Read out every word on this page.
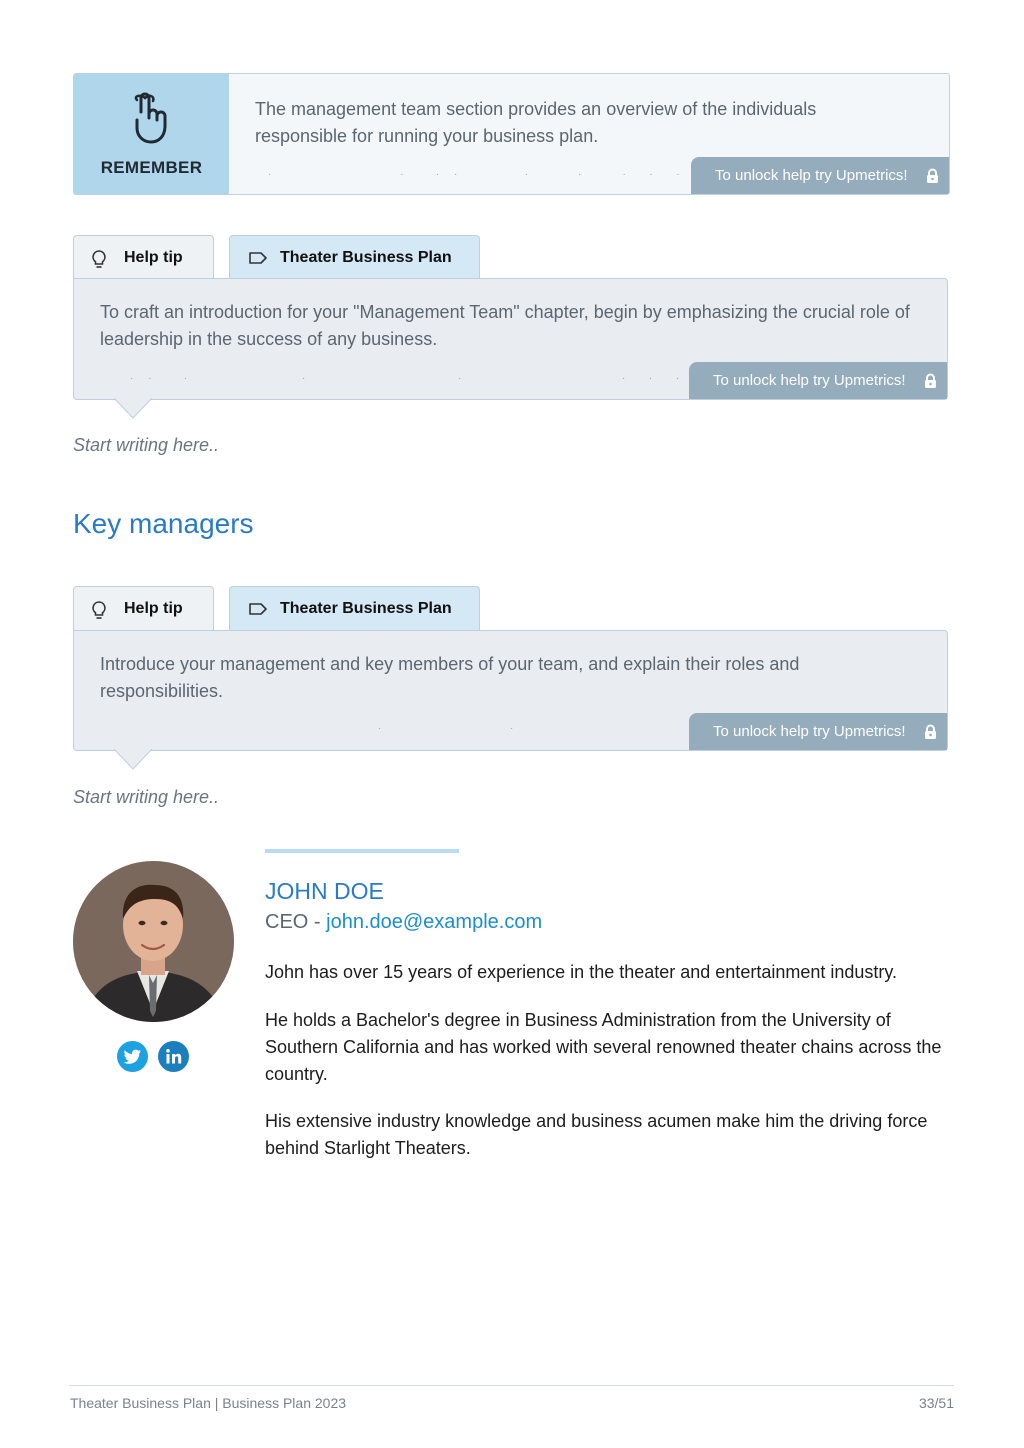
REMEMBER
The management team section provides an overview of the individuals responsible for running your business plan.
·              ·   · ·       ·     ·    ·  ·  ·	To unlock help try Upmetrics!
Help tip	Theater Business Plan
To craft an introduction for your "Management Team" chapter, begin by emphasizing the crucial role of leadership in the success of any business.
· ·   ·	·	·	·  ·  ·	To unlock help try Upmetrics!
Start writing here..
Key managers
Help tip	Theater Business Plan
Introduce your management and key members of your team, and explain their roles and responsibilities.
·	·	To unlock help try Upmetrics!
Start writing here..
JOHN DOE
CEO - john.doe@example.com
John has over 15 years of experience in the theater and entertainment industry.
He holds a Bachelor's degree in Business Administration from the University of Southern California and has worked with several renowned theater chains across the country.
His extensive industry knowledge and business acumen make him the driving force behind Starlight Theaters.
Theater Business Plan | Business Plan 2023	33/51
